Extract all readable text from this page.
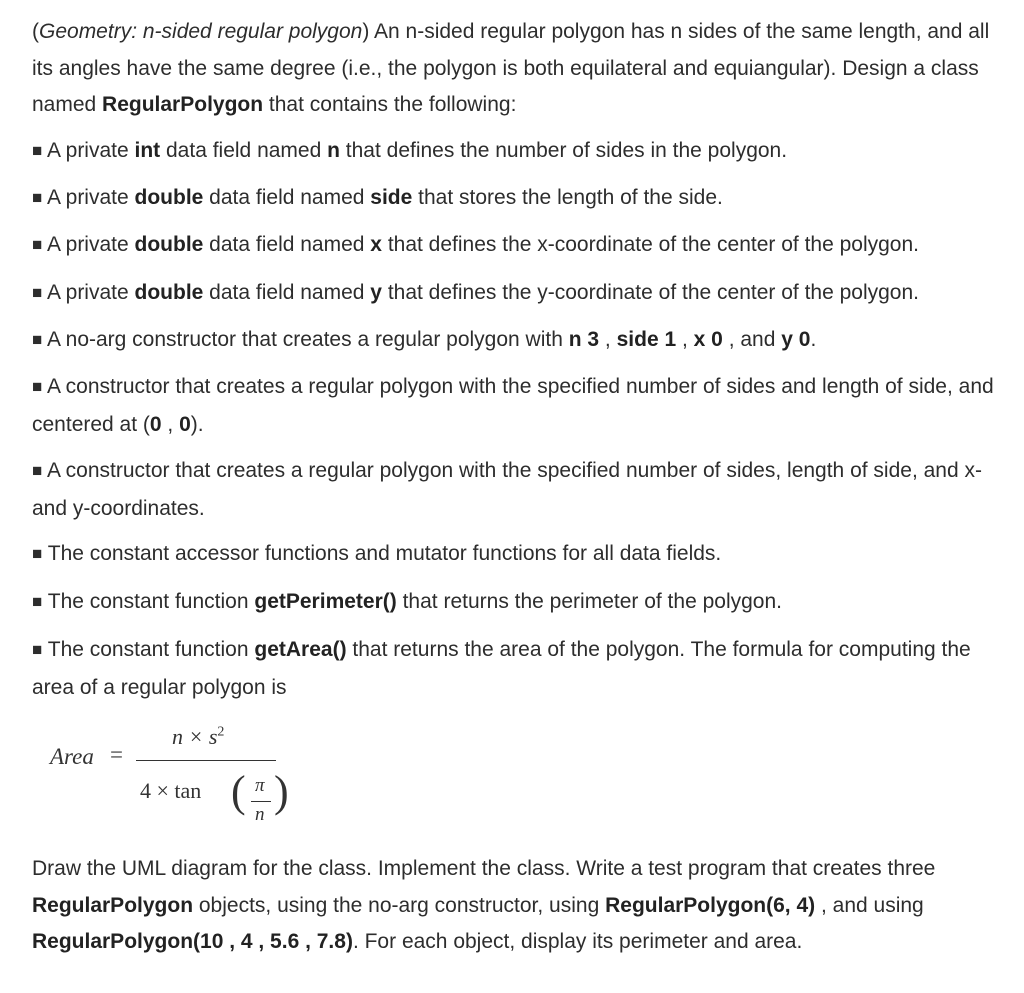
(Geometry: n-sided regular polygon) An n-sided regular polygon has n sides of the same length, and all its angles have the same degree (i.e., the polygon is both equilateral and equiangular). Design a class named RegularPolygon that contains the following:

■ A private int data field named n that defines the number of sides in the polygon.

■ A private double data field named side that stores the length of the side.

■ A private double data field named x that defines the x-coordinate of the center of the polygon.

■ A private double data field named y that defines the y-coordinate of the center of the polygon.

■ A no-arg constructor that creates a regular polygon with n 3 , side 1 , x 0 , and y 0.

■ A constructor that creates a regular polygon with the specified number of sides and length of side, and centered at (0 , 0).

■ A constructor that creates a regular polygon with the specified number of sides, length of side, and x- and y-coordinates.

■ The constant accessor functions and mutator functions for all data fields.

■ The constant function getPerimeter() that returns the perimeter of the polygon.

■ The constant function getArea() that returns the area of the polygon. The formula for computing the area of a regular polygon is

Area =
$n \times s^2$
4 × tan ( π
n )

Draw the UML diagram for the class. Implement the class. Write a test program that creates three RegularPolygon objects, using the no-arg constructor, using RegularPolygon(6, 4) , and using RegularPolygon(10 , 4 , 5.6 , 7.8). For each object, display its perimeter and area.
